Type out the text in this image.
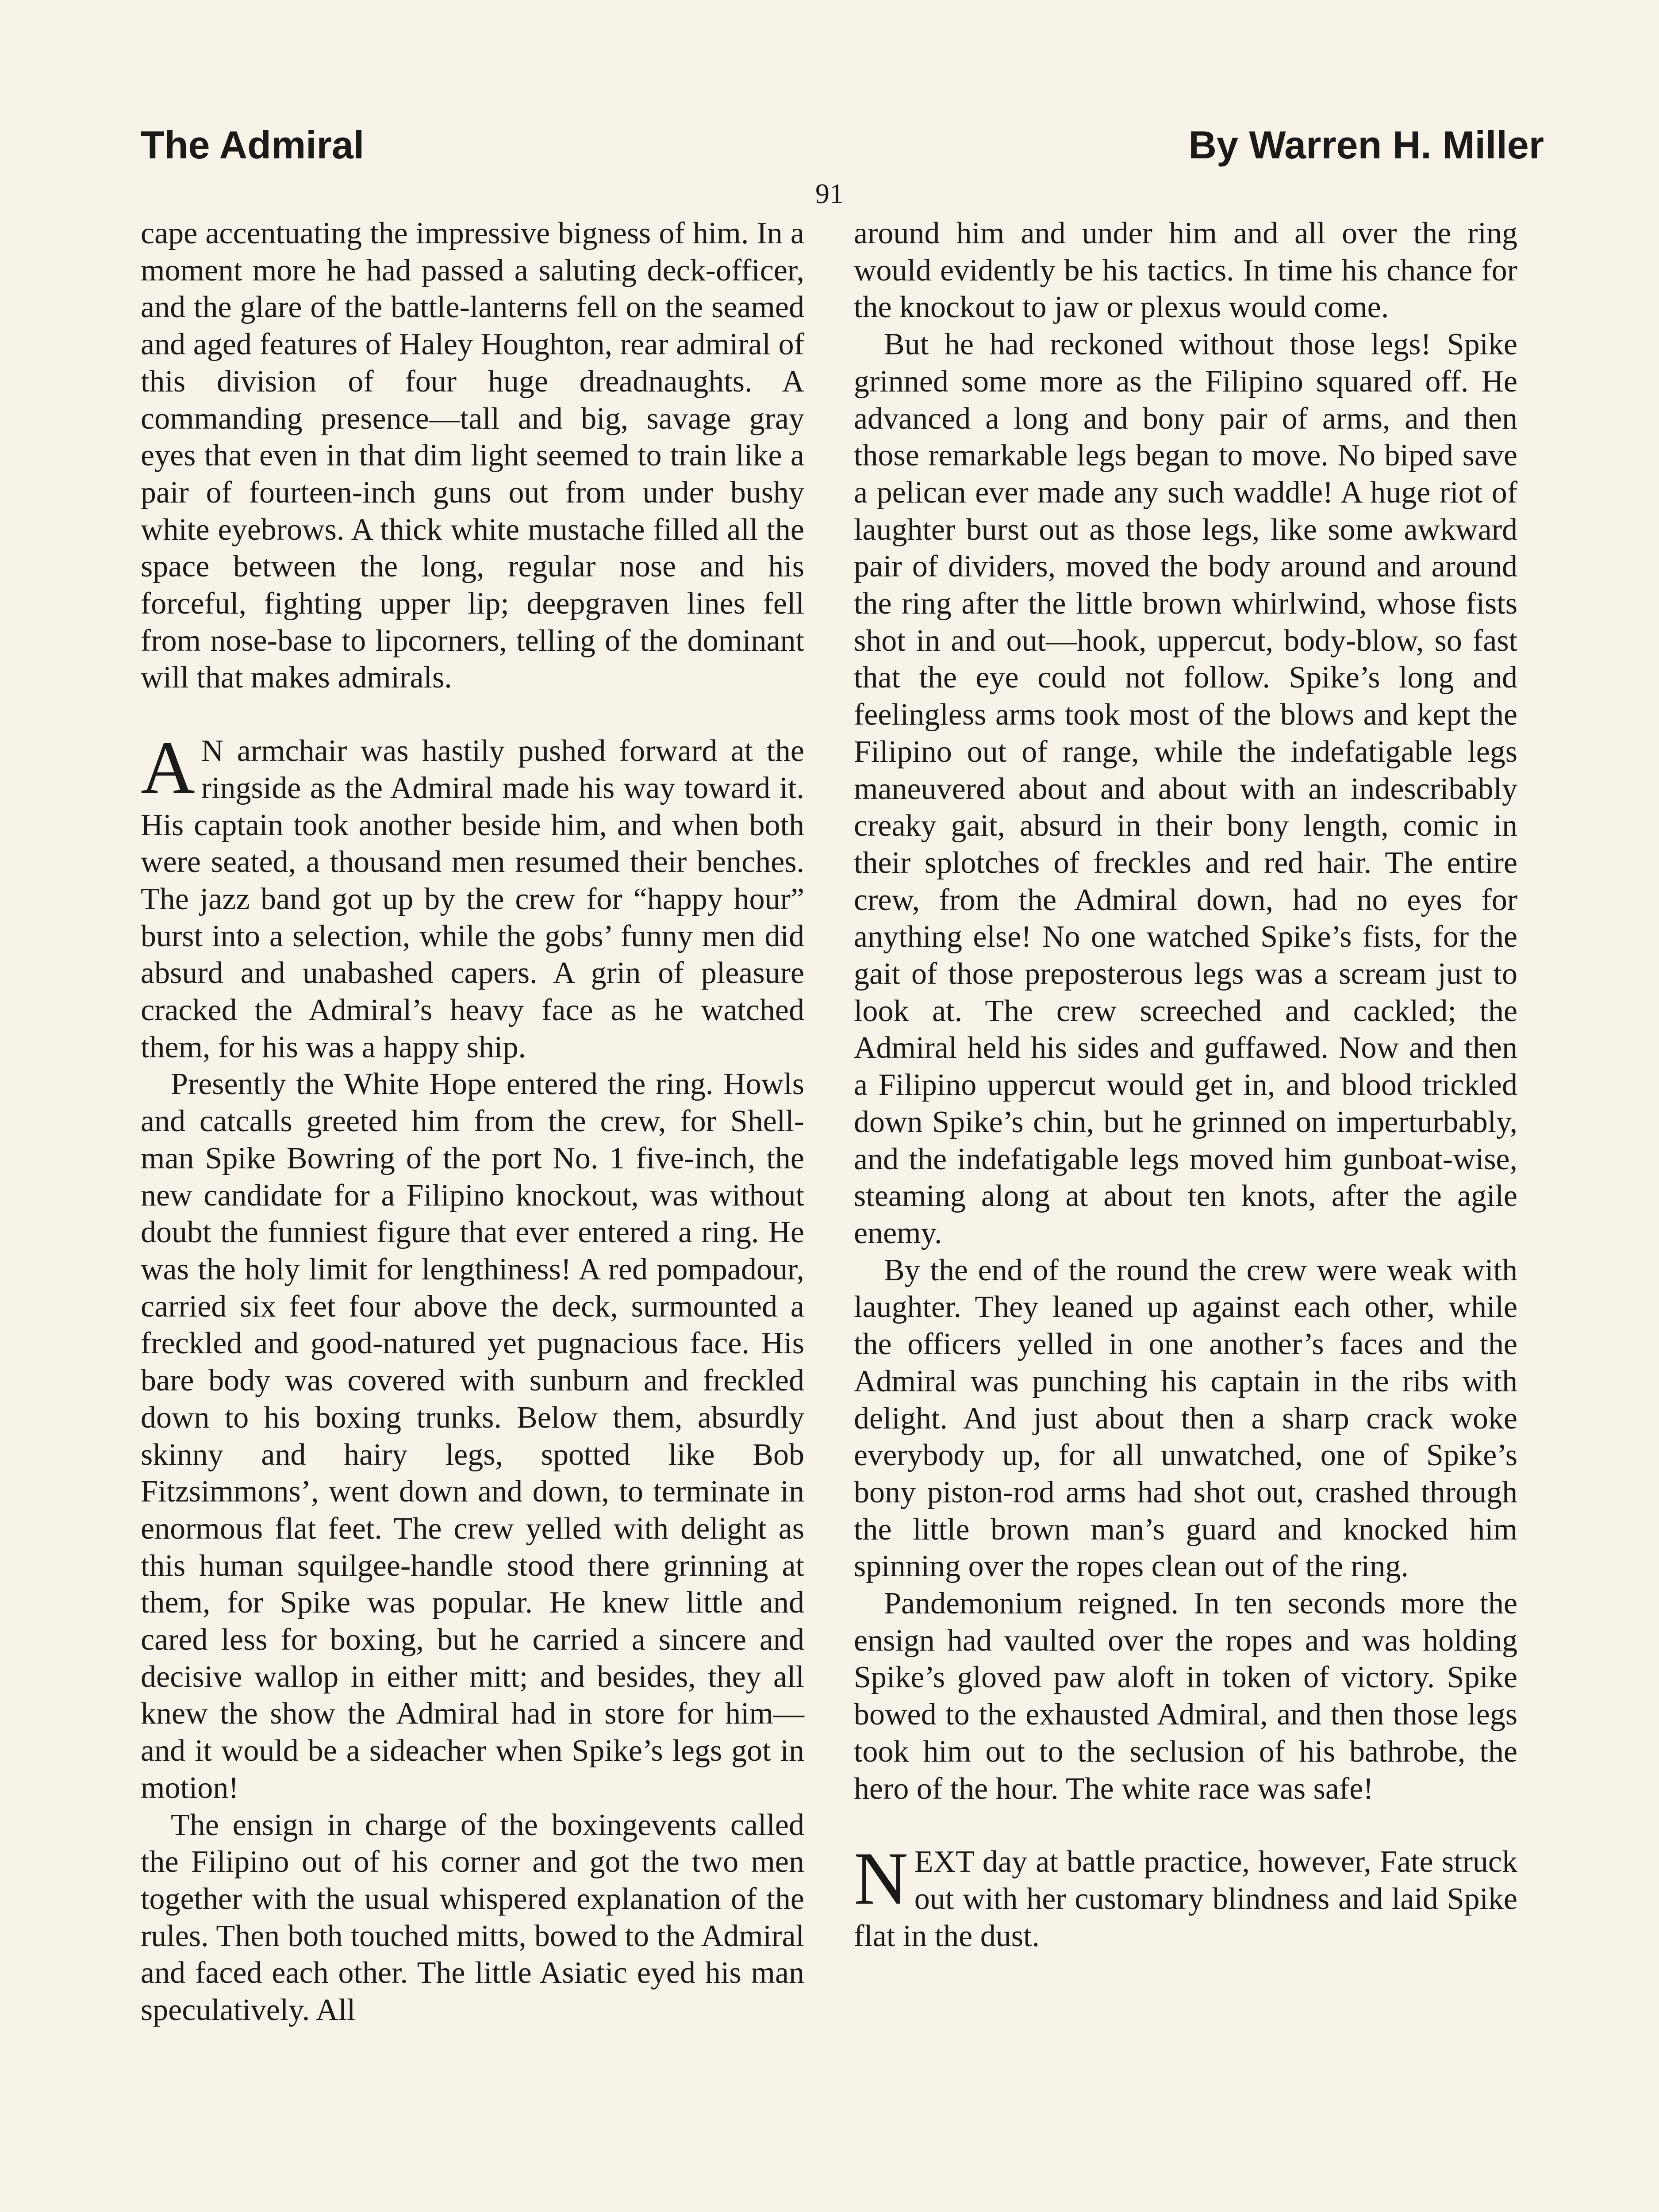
The Admiral	By Warren H. Miller
91

cape accentuating the impressive bigness of him. In a moment more he had passed a saluting deck-officer, and the glare of the battle-lanterns fell on the seamed and aged features of Haley Houghton, rear admiral of this division of four huge dreadnaughts. A commanding presence—tall and big, savage gray eyes that even in that dim light seemed to train like a pair of fourteen-inch guns out from under bushy white eyebrows. A thick white mustache filled all the space between the long, regular nose and his forceful, fighting upper lip; deepgraven lines fell from nose-base to lipcorners, telling of the dominant will that makes admirals.

A N armchair was hastily pushed forward at the ringside as the Admiral made his way toward it. His captain took another beside him, and when both were seated, a thousand men resumed their benches. The jazz band got up by the crew for “happy hour” burst into a selection, while the gobs’ funny men did absurd and unabashed capers. A grin of pleasure cracked the Admiral’s heavy face as he watched them, for his was a happy ship.

Presently the White Hope entered the ring. Howls and catcalls greeted him from the crew, for Shell-man Spike Bowring of the port No. 1 five-inch, the new candidate for a Filipino knockout, was without doubt the funniest figure that ever entered a ring. He was the holy limit for lengthiness! A red pompadour, carried six feet four above the deck, surmounted a freckled and good-natured yet pugnacious face. His bare body was covered with sunburn and freckled down to his boxing trunks. Below them, absurdly skinny and hairy legs, spotted like Bob Fitzsimmons’, went down and down, to terminate in enormous flat feet. The crew yelled with delight as this human squilgee-handle stood there grinning at them, for Spike was popular. He knew little and cared less for boxing, but he carried a sincere and decisive wallop in either mitt; and besides, they all knew the show the Admiral had in store for him—and it would be a sideacher when Spike’s legs got in motion!

The ensign in charge of the boxingevents called the Filipino out of his corner and got the two men together with the usual whispered explanation of the rules. Then both touched mitts, bowed to the Admiral and faced each other. The little Asiatic eyed his man speculatively. All

around him and under him and all over the ring would evidently be his tactics. In time his chance for the knockout to jaw or plexus would come.

But he had reckoned without those legs! Spike grinned some more as the Filipino squared off. He advanced a long and bony pair of arms, and then those remarkable legs began to move. No biped save a pelican ever made any such waddle! A huge riot of laughter burst out as those legs, like some awkward pair of dividers, moved the body around and around the ring after the little brown whirlwind, whose fists shot in and out—hook, uppercut, body-blow, so fast that the eye could not follow. Spike’s long and feelingless arms took most of the blows and kept the Filipino out of range, while the indefatigable legs maneuvered about and about with an indescribably creaky gait, absurd in their bony length, comic in their splotches of freckles and red hair. The entire crew, from the Admiral down, had no eyes for anything else! No one watched Spike’s fists, for the gait of those preposterous legs was a scream just to look at. The crew screeched and cackled; the Admiral held his sides and guffawed. Now and then a Filipino uppercut would get in, and blood trickled down Spike’s chin, but he grinned on imperturbably, and the indefatigable legs moved him gunboat-wise, steaming along at about ten knots, after the agile enemy.

By the end of the round the crew were weak with laughter. They leaned up against each other, while the officers yelled in one another’s faces and the Admiral was punching his captain in the ribs with delight. And just about then a sharp crack woke everybody up, for all unwatched, one of Spike’s bony piston-rod arms had shot out, crashed through the little brown man’s guard and knocked him spinning over the ropes clean out of the ring.

Pandemonium reigned. In ten seconds more the ensign had vaulted over the ropes and was holding Spike’s gloved paw aloft in token of victory. Spike bowed to the exhausted Admiral, and then those legs took him out to the seclusion of his bathrobe, the hero of the hour. The white race was safe!

NEXT day at battle practice, however, Fate struck out with her customary blindness and laid Spike flat in the dust.
